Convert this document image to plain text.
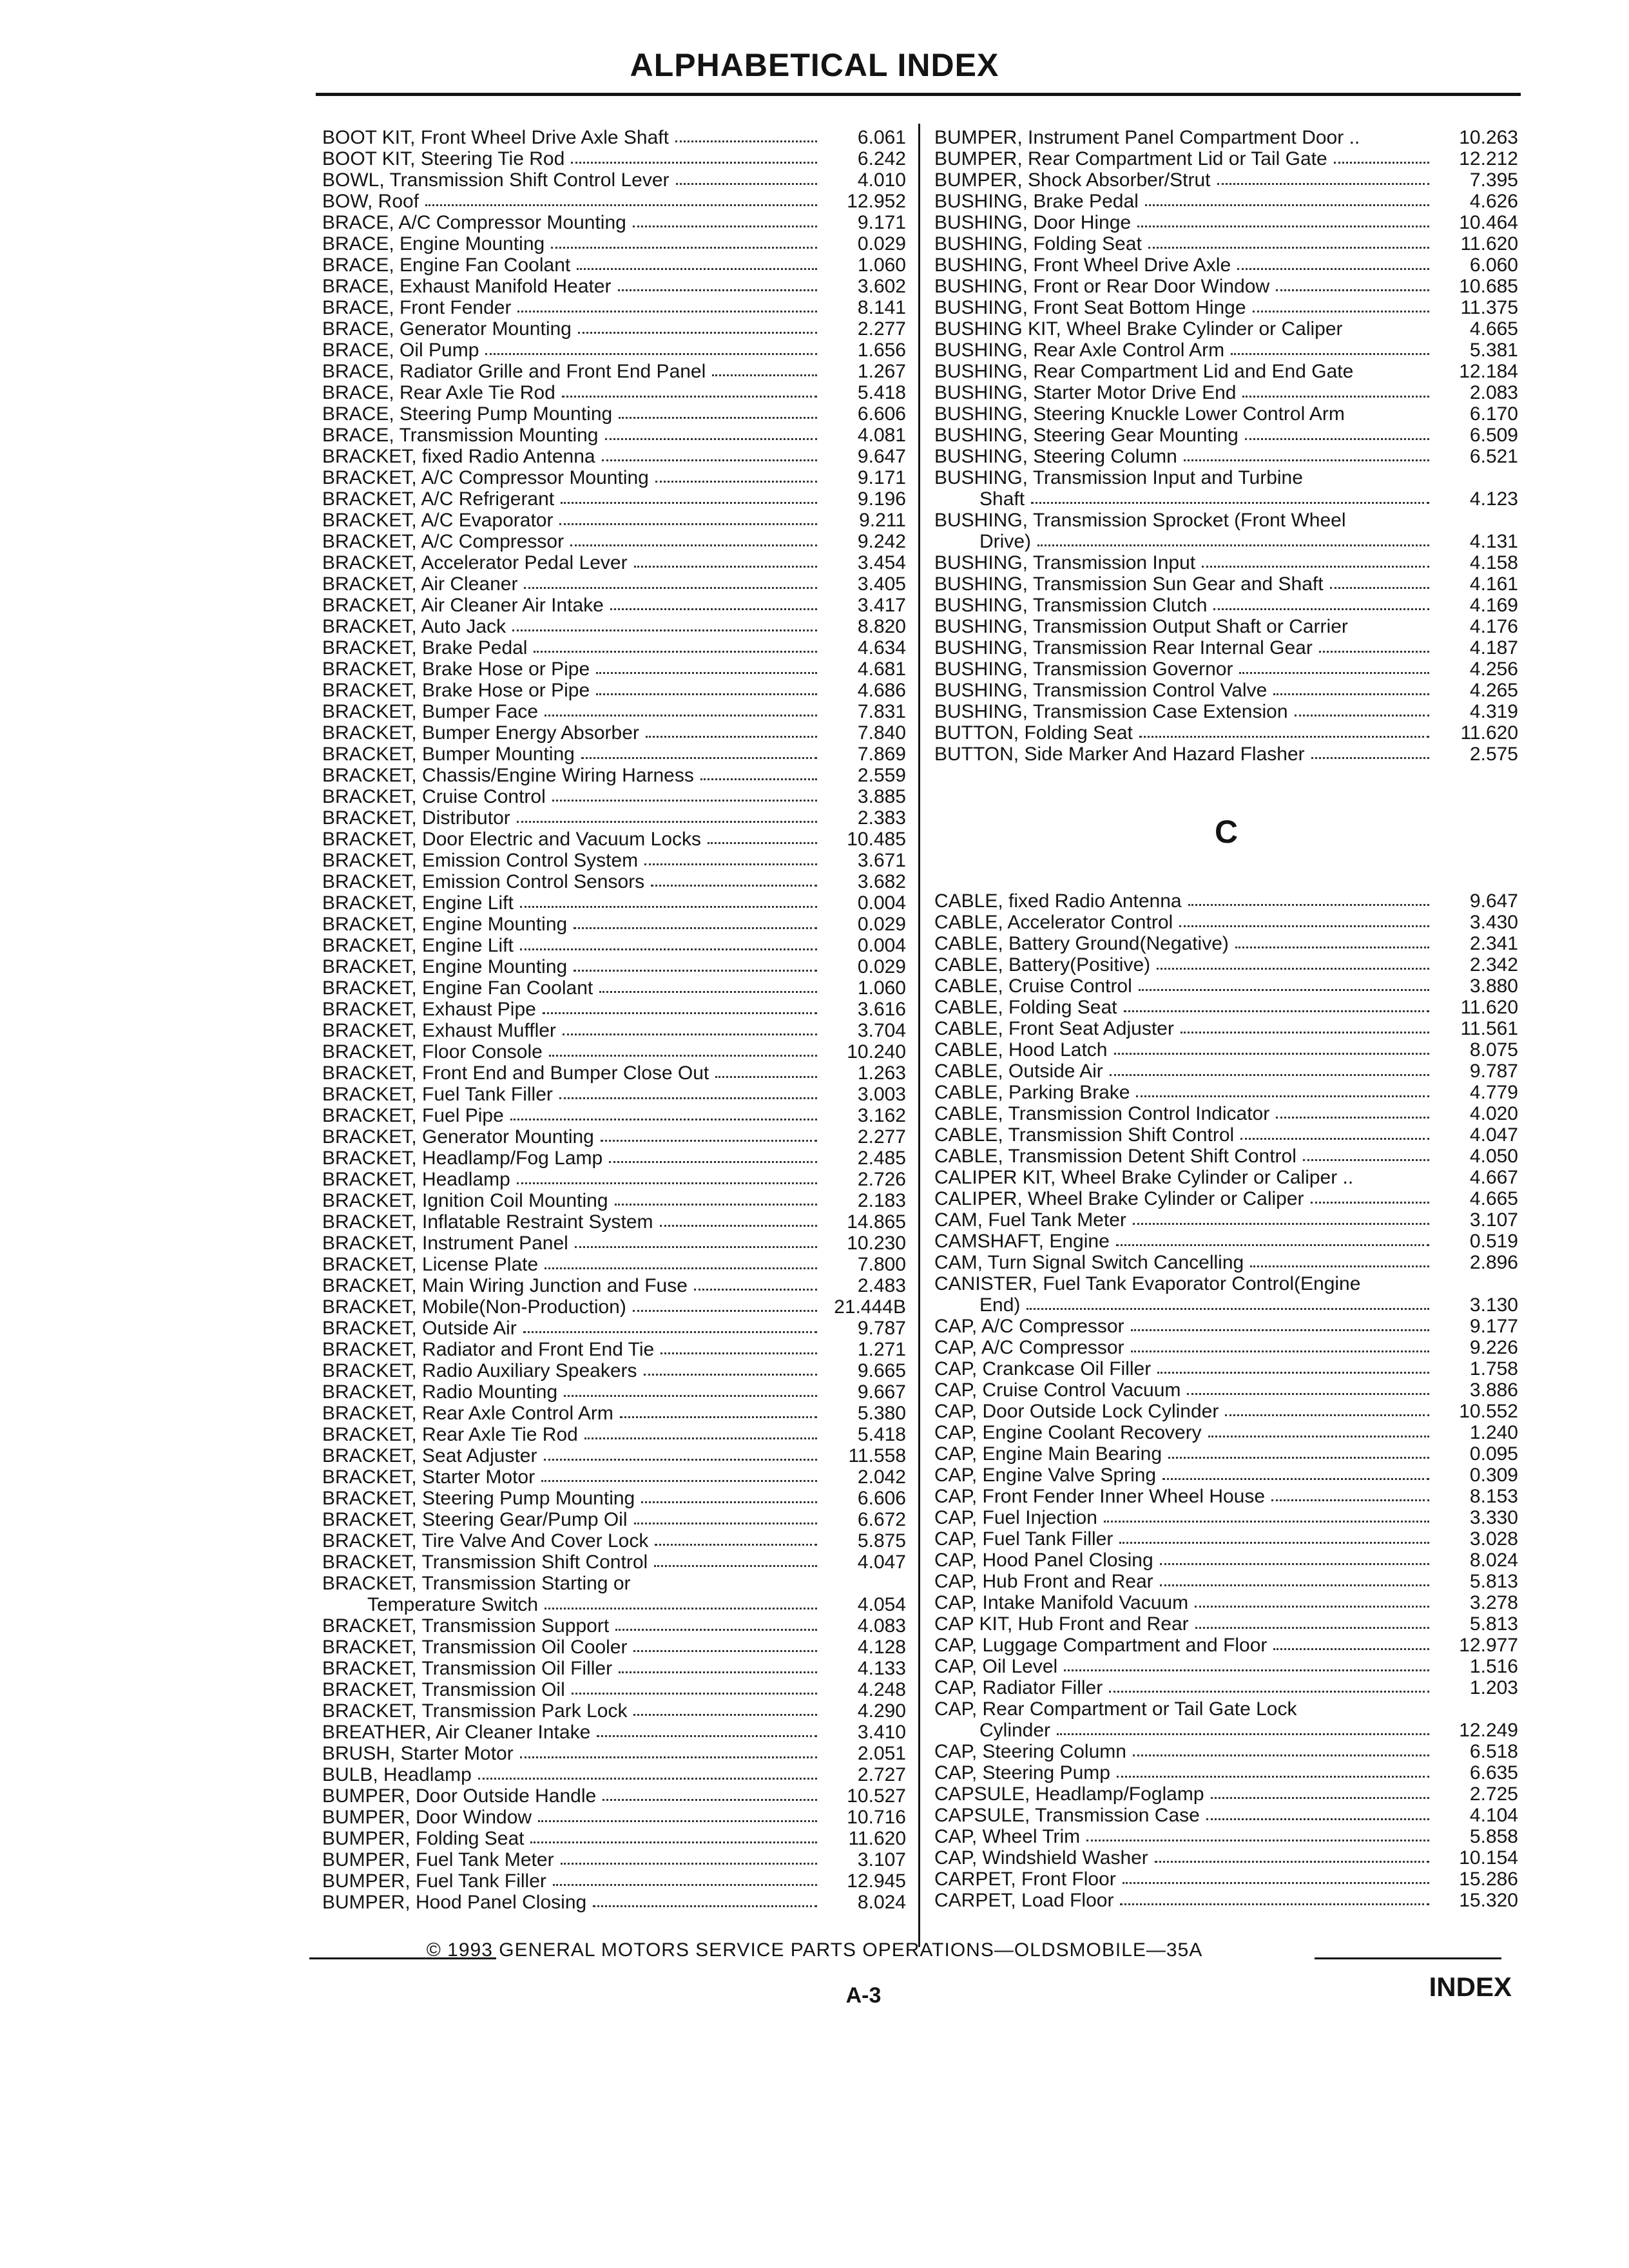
ALPHABETICAL INDEX
BOOT KIT, Front Wheel Drive Axle Shaft	6.061
BOOT KIT, Steering Tie Rod	6.242
BOWL, Transmission Shift Control Lever	4.010
BOW, Roof	12.952
BRACE, A/C Compressor Mounting	9.171
BRACE, Engine Mounting	0.029
BRACE, Engine Fan Coolant	1.060
BRACE, Exhaust Manifold Heater	3.602
BRACE, Front Fender	8.141
BRACE, Generator Mounting	2.277
BRACE, Oil Pump	1.656
BRACE, Radiator Grille and Front End Panel	1.267
BRACE, Rear Axle Tie Rod	5.418
BRACE, Steering Pump Mounting	6.606
BRACE, Transmission Mounting	4.081
BRACKET, fixed Radio Antenna	9.647
BRACKET, A/C Compressor Mounting	9.171
BRACKET, A/C Refrigerant	9.196
BRACKET, A/C Evaporator	9.211
BRACKET, A/C Compressor	9.242
BRACKET, Accelerator Pedal Lever	3.454
BRACKET, Air Cleaner	3.405
BRACKET, Air Cleaner Air Intake	3.417
BRACKET, Auto Jack	8.820
BRACKET, Brake Pedal	4.634
BRACKET, Brake Hose or Pipe	4.681
BRACKET, Brake Hose or Pipe	4.686
BRACKET, Bumper Face	7.831
BRACKET, Bumper Energy Absorber	7.840
BRACKET, Bumper Mounting	7.869
BRACKET, Chassis/Engine Wiring Harness	2.559
BRACKET, Cruise Control	3.885
BRACKET, Distributor	2.383
BRACKET, Door Electric and Vacuum Locks	10.485
BRACKET, Emission Control System	3.671
BRACKET, Emission Control Sensors	3.682
BRACKET, Engine Lift	0.004
BRACKET, Engine Mounting	0.029
BRACKET, Engine Lift	0.004
BRACKET, Engine Mounting	0.029
BRACKET, Engine Fan Coolant	1.060
BRACKET, Exhaust Pipe	3.616
BRACKET, Exhaust Muffler	3.704
BRACKET, Floor Console	10.240
BRACKET, Front End and Bumper Close Out	1.263
BRACKET, Fuel Tank Filler	3.003
BRACKET, Fuel Pipe	3.162
BRACKET, Generator Mounting	2.277
BRACKET, Headlamp/Fog Lamp	2.485
BRACKET, Headlamp	2.726
BRACKET, Ignition Coil Mounting	2.183
BRACKET, Inflatable Restraint System	14.865
BRACKET, Instrument Panel	10.230
BRACKET, License Plate	7.800
BRACKET, Main Wiring Junction and Fuse	2.483
BRACKET, Mobile(Non-Production)	21.444B
BRACKET, Outside Air	9.787
BRACKET, Radiator and Front End Tie	1.271
BRACKET, Radio Auxiliary Speakers	9.665
BRACKET, Radio Mounting	9.667
BRACKET, Rear Axle Control Arm	5.380
BRACKET, Rear Axle Tie Rod	5.418
BRACKET, Seat Adjuster	11.558
BRACKET, Starter Motor	2.042
BRACKET, Steering Pump Mounting	6.606
BRACKET, Steering Gear/Pump Oil	6.672
BRACKET, Tire Valve And Cover Lock	5.875
BRACKET, Transmission Shift Control	4.047
BRACKET, Transmission Starting or
Temperature Switch	4.054
BRACKET, Transmission Support	4.083
BRACKET, Transmission Oil Cooler	4.128
BRACKET, Transmission Oil Filler	4.133
BRACKET, Transmission Oil	4.248
BRACKET, Transmission Park Lock	4.290
BREATHER, Air Cleaner Intake	3.410
BRUSH, Starter Motor	2.051
BULB, Headlamp	2.727
BUMPER, Door Outside Handle	10.527
BUMPER, Door Window	10.716
BUMPER, Folding Seat	11.620
BUMPER, Fuel Tank Meter	3.107
BUMPER, Fuel Tank Filler	12.945
BUMPER, Hood Panel Closing	8.024
BUMPER, Instrument Panel Compartment Door ..	10.263
BUMPER, Rear Compartment Lid or Tail Gate	12.212
BUMPER, Shock Absorber/Strut	7.395
BUSHING, Brake Pedal	4.626
BUSHING, Door Hinge	10.464
BUSHING, Folding Seat	11.620
BUSHING, Front Wheel Drive Axle	6.060
BUSHING, Front or Rear Door Window	10.685
BUSHING, Front Seat Bottom Hinge	11.375
BUSHING KIT, Wheel Brake Cylinder or Caliper	4.665
BUSHING, Rear Axle Control Arm	5.381
BUSHING, Rear Compartment Lid and End Gate	12.184
BUSHING, Starter Motor Drive End	2.083
BUSHING, Steering Knuckle Lower Control Arm	6.170
BUSHING, Steering Gear Mounting	6.509
BUSHING, Steering Column	6.521
BUSHING, Transmission Input and Turbine
Shaft	4.123
BUSHING, Transmission Sprocket (Front Wheel
Drive)	4.131
BUSHING, Transmission Input	4.158
BUSHING, Transmission Sun Gear and Shaft	4.161
BUSHING, Transmission Clutch	4.169
BUSHING, Transmission Output Shaft or Carrier	4.176
BUSHING, Transmission Rear Internal Gear	4.187
BUSHING, Transmission Governor	4.256
BUSHING, Transmission Control Valve	4.265
BUSHING, Transmission Case Extension	4.319
BUTTON, Folding Seat	11.620
BUTTON, Side Marker And Hazard Flasher	2.575
C
CABLE, fixed Radio Antenna	9.647
CABLE, Accelerator Control	3.430
CABLE, Battery Ground(Negative)	2.341
CABLE, Battery(Positive)	2.342
CABLE, Cruise Control	3.880
CABLE, Folding Seat	11.620
CABLE, Front Seat Adjuster	11.561
CABLE, Hood Latch	8.075
CABLE, Outside Air	9.787
CABLE, Parking Brake	4.779
CABLE, Transmission Control Indicator	4.020
CABLE, Transmission Shift Control	4.047
CABLE, Transmission Detent Shift Control	4.050
CALIPER KIT, Wheel Brake Cylinder or Caliper ..	4.667
CALIPER, Wheel Brake Cylinder or Caliper	4.665
CAM, Fuel Tank Meter	3.107
CAMSHAFT, Engine	0.519
CAM, Turn Signal Switch Cancelling	2.896
CANISTER, Fuel Tank Evaporator Control(Engine
End)	3.130
CAP, A/C Compressor	9.177
CAP, A/C Compressor	9.226
CAP, Crankcase Oil Filler	1.758
CAP, Cruise Control Vacuum	3.886
CAP, Door Outside Lock Cylinder	10.552
CAP, Engine Coolant Recovery	1.240
CAP, Engine Main Bearing	0.095
CAP, Engine Valve Spring	0.309
CAP, Front Fender Inner Wheel House	8.153
CAP, Fuel Injection	3.330
CAP, Fuel Tank Filler	3.028
CAP, Hood Panel Closing	8.024
CAP, Hub Front and Rear	5.813
CAP, Intake Manifold Vacuum	3.278
CAP KIT, Hub Front and Rear	5.813
CAP, Luggage Compartment and Floor	12.977
CAP, Oil Level	1.516
CAP, Radiator Filler	1.203
CAP, Rear Compartment or Tail Gate Lock
Cylinder	12.249
CAP, Steering Column	6.518
CAP, Steering Pump	6.635
CAPSULE, Headlamp/Foglamp	2.725
CAPSULE, Transmission Case	4.104
CAP, Wheel Trim	5.858
CAP, Windshield Washer	10.154
CARPET, Front Floor	15.286
CARPET, Load Floor	15.320
© 1993 GENERAL MOTORS SERVICE PARTS OPERATIONS—OLDSMOBILE—35A
A-3	INDEX
